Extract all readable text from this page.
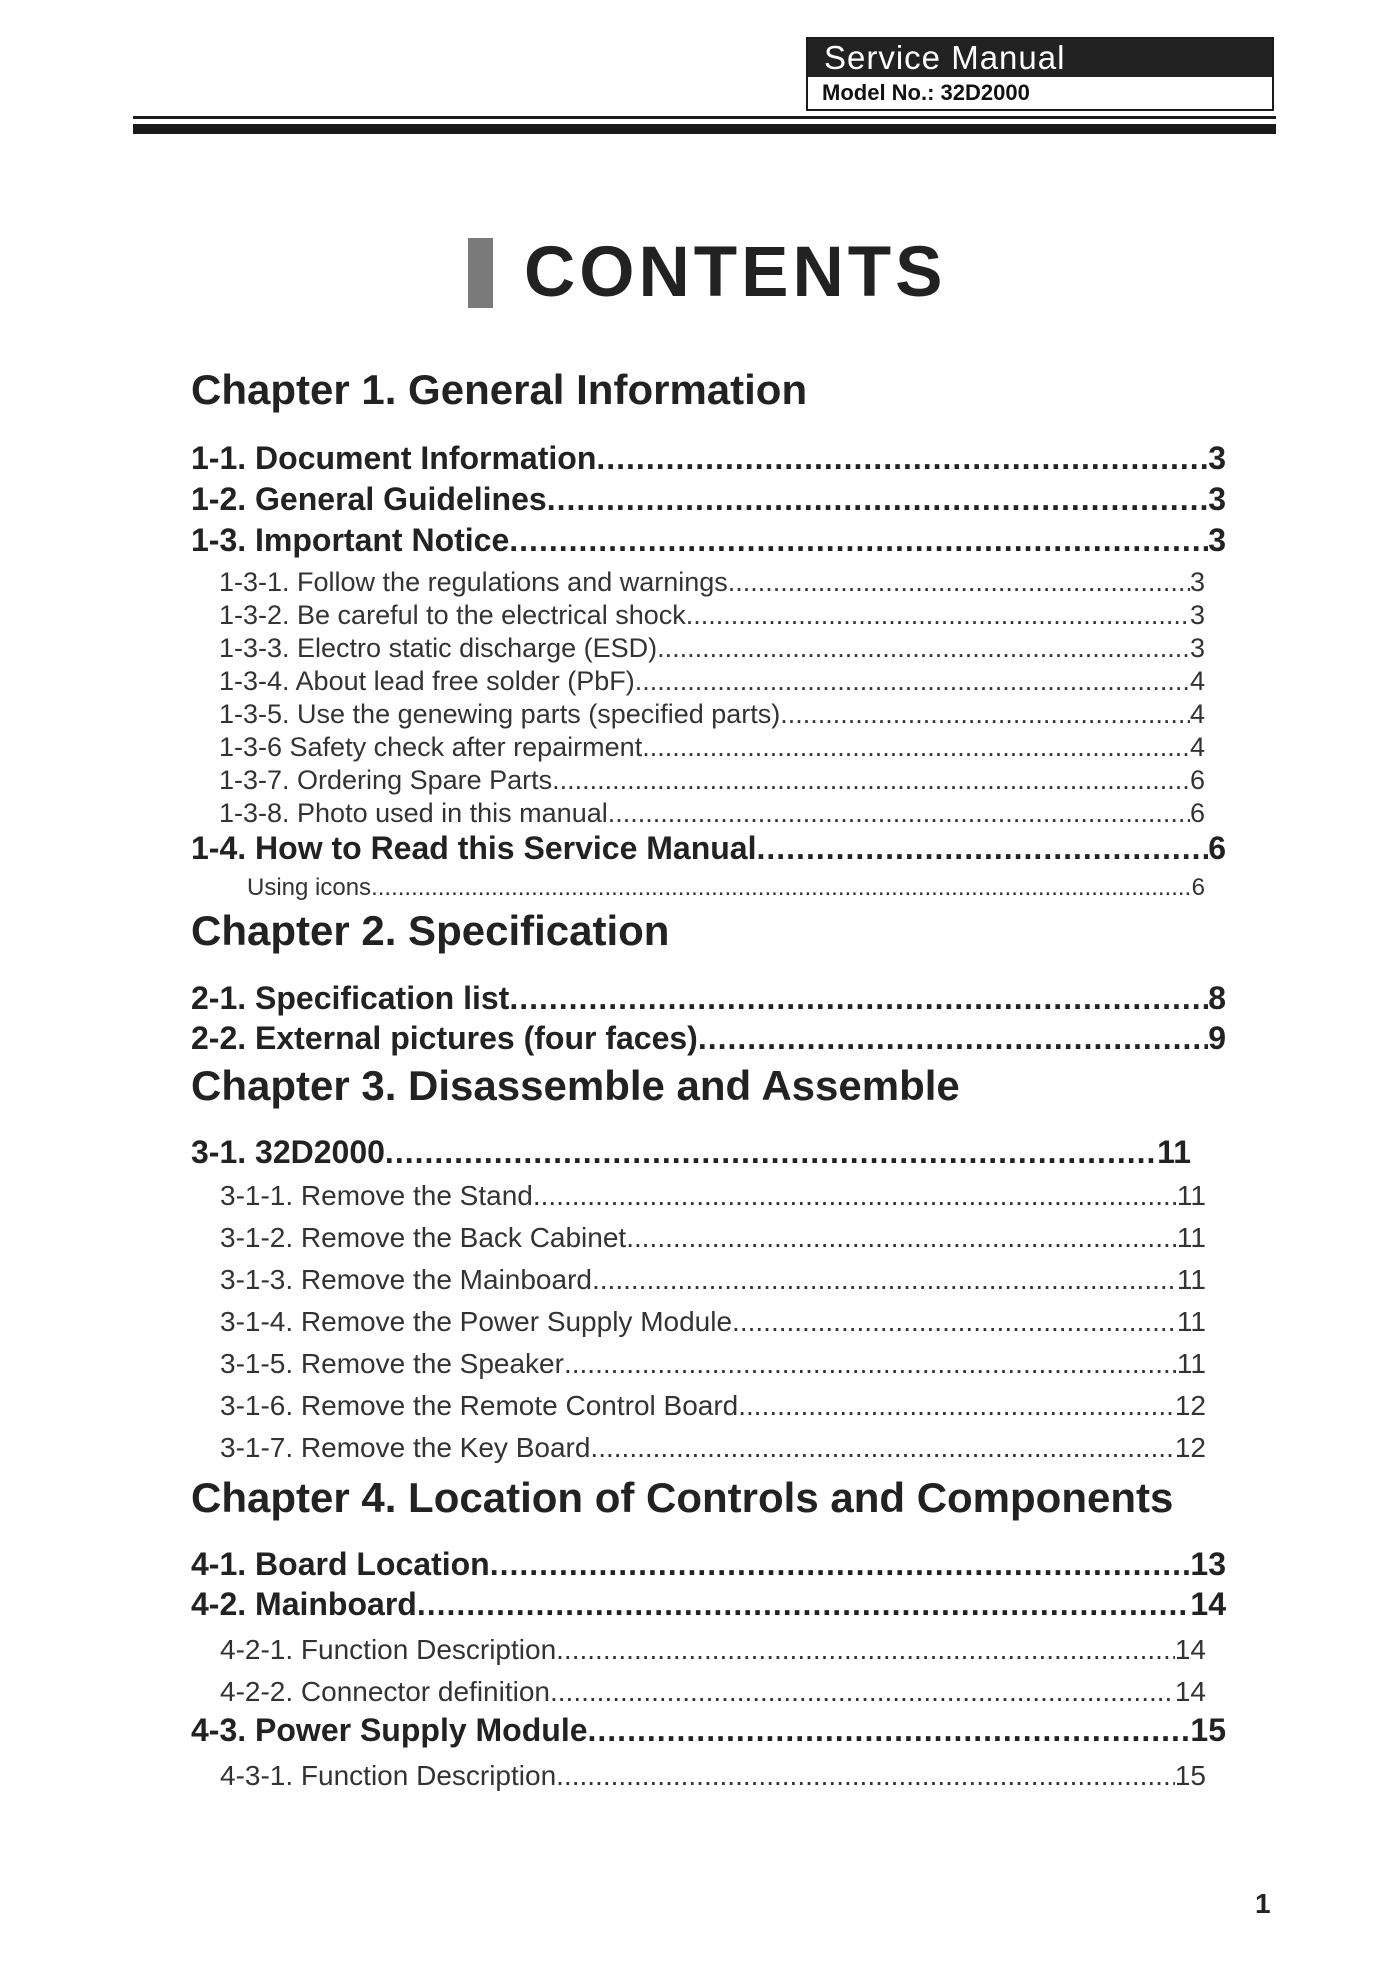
Service Manual
Model No.: 32D2000
CONTENTS
Chapter 1. General Information
1-1. Document Information .....	3
1-2. General Guidelines .....	3
1-3. Important Notice .....	3
1-3-1. Follow the regulations and warnings .....	3
1-3-2. Be careful to the electrical shock .....	3
1-3-3. Electro static discharge (ESD) .....	3
1-3-4. About lead free solder (PbF) .....	4
1-3-5. Use the genewing parts (specified parts) .....	4
1-3-6 Safety check after repairment .....	4
1-3-7. Ordering Spare Parts .....	6
1-3-8. Photo used in this manual .....	6
1-4. How to Read this Service Manual .....	6
Using icons .....	6
Chapter 2. Specification
2-1. Specification list .....	8
2-2. External pictures (four faces) .....	9
Chapter 3. Disassemble and Assemble
3-1. 32D2000 .....	11
3-1-1. Remove the Stand .....	11
3-1-2. Remove the Back Cabinet .....	11
3-1-3. Remove the Mainboard .....	11
3-1-4. Remove the Power Supply Module .....	11
3-1-5. Remove the Speaker .....	11
3-1-6. Remove the Remote Control Board .....	12
3-1-7. Remove the Key Board .....	12
Chapter 4. Location of Controls and Components
4-1. Board Location .....	13
4-2. Mainboard .....	14
4-2-1. Function Description .....	14
4-2-2. Connector definition .....	14
4-3. Power Supply Module .....	15
4-3-1. Function Description .....	15
1
